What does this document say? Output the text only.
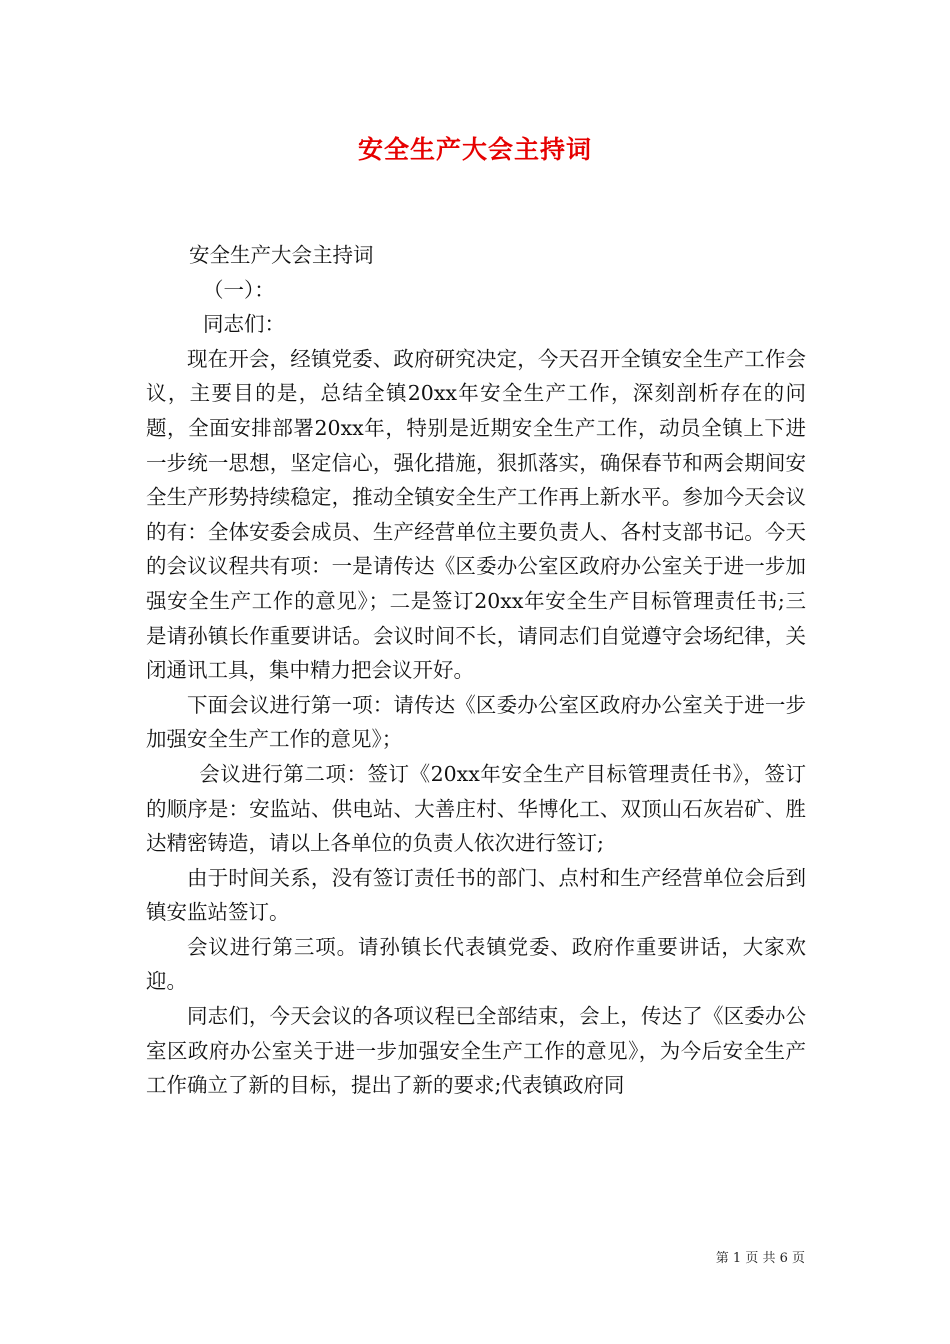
安全生产大会主持词

安全生产大会主持词

（一）：

同志们：

现在开会，经镇党委、政府研究决定，今天召开全镇安全生产工作会议，主要目的是，总结全镇20xx年安全生产工作，深刻剖析存在的问题，全面安排部署20xx年，特别是近期安全生产工作，动员全镇上下进一步统一思想，坚定信心，强化措施，狠抓落实，确保春节和两会期间安全生产形势持续稳定，推动全镇安全生产工作再上新水平。参加今天会议的有：全体安委会成员、生产经营单位主要负责人、各村支部书记。今天的会议议程共有项：一是请传达《区委办公室区政府办公室关于进一步加强安全生产工作的意见》；二是签订20xx年安全生产目标管理责任书;三是请孙镇长作重要讲话。会议时间不长，请同志们自觉遵守会场纪律，关闭通讯工具，集中精力把会议开好。

下面会议进行第一项：请传达《区委办公室区政府办公室关于进一步加强安全生产工作的意见》；

会议进行第二项：签订《20xx年安全生产目标管理责任书》，签订的顺序是：安监站、供电站、大善庄村、华博化工、双顶山石灰岩矿、胜达精密铸造，请以上各单位的负责人依次进行签订;

由于时间关系，没有签订责任书的部门、点村和生产经营单位会后到镇安监站签订。

会议进行第三项。请孙镇长代表镇党委、政府作重要讲话，大家欢迎。

同志们，今天会议的各项议程已全部结束，会上，传达了《区委办公室区政府办公室关于进一步加强安全生产工作的意见》，为今后安全生产工作确立了新的目标，提出了新的要求;代表镇政府同

第 1 页 共 6 页
